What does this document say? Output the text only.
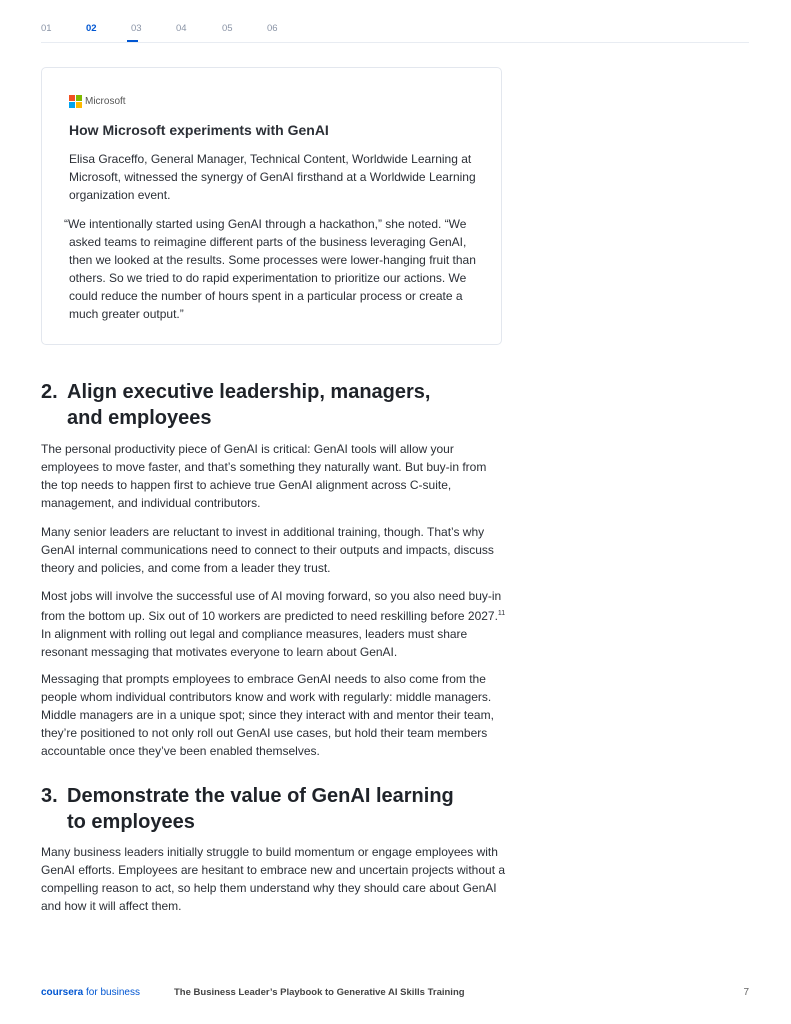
01	02	03	04	05	06
Microsoft
How Microsoft experiments with GenAI

Elisa Graceffo, General Manager, Technical Content, Worldwide Learning at Microsoft, witnessed the synergy of GenAI firsthand at a Worldwide Learning organization event.

“We intentionally started using GenAI through a hackathon,” she noted. “We asked teams to reimagine different parts of the business leveraging GenAI, then we looked at the results. Some processes were lower-hanging fruit than others. So we tried to do rapid experimentation to prioritize our actions. We could reduce the number of hours spent in a particular process or create a much greater output.”

2. Align executive leadership, managers,
and employees

The personal productivity piece of GenAI is critical: GenAI tools will allow your employees to move faster, and that’s something they naturally want. But buy-in from the top needs to happen first to achieve true GenAI alignment across C-suite, management, and individual contributors.

Many senior leaders are reluctant to invest in additional training, though. That’s why GenAI internal communications need to connect to their outputs and impacts, discuss theory and policies, and come from a leader they trust.

Most jobs will involve the successful use of AI moving forward, so you also need buy-in from the bottom up. Six out of 10 workers are predicted to need reskilling before 2027.11 In alignment with rolling out legal and compliance measures, leaders must share resonant messaging that motivates everyone to learn about GenAI.

Messaging that prompts employees to embrace GenAI needs to also come from the people whom individual contributors know and work with regularly: middle managers. Middle managers are in a unique spot; since they interact with and mentor their team, they’re positioned to not only roll out GenAI use cases, but hold their team members accountable once they’ve been enabled themselves.

3. Demonstrate the value of GenAI learning
to employees

Many business leaders initially struggle to build momentum or engage employees with GenAI efforts. Employees are hesitant to embrace new and uncertain projects without a compelling reason to act, so help them understand why they should care about GenAI and how it will affect them.

coursera for business	The Business Leader’s Playbook to Generative AI Skills Training	7
